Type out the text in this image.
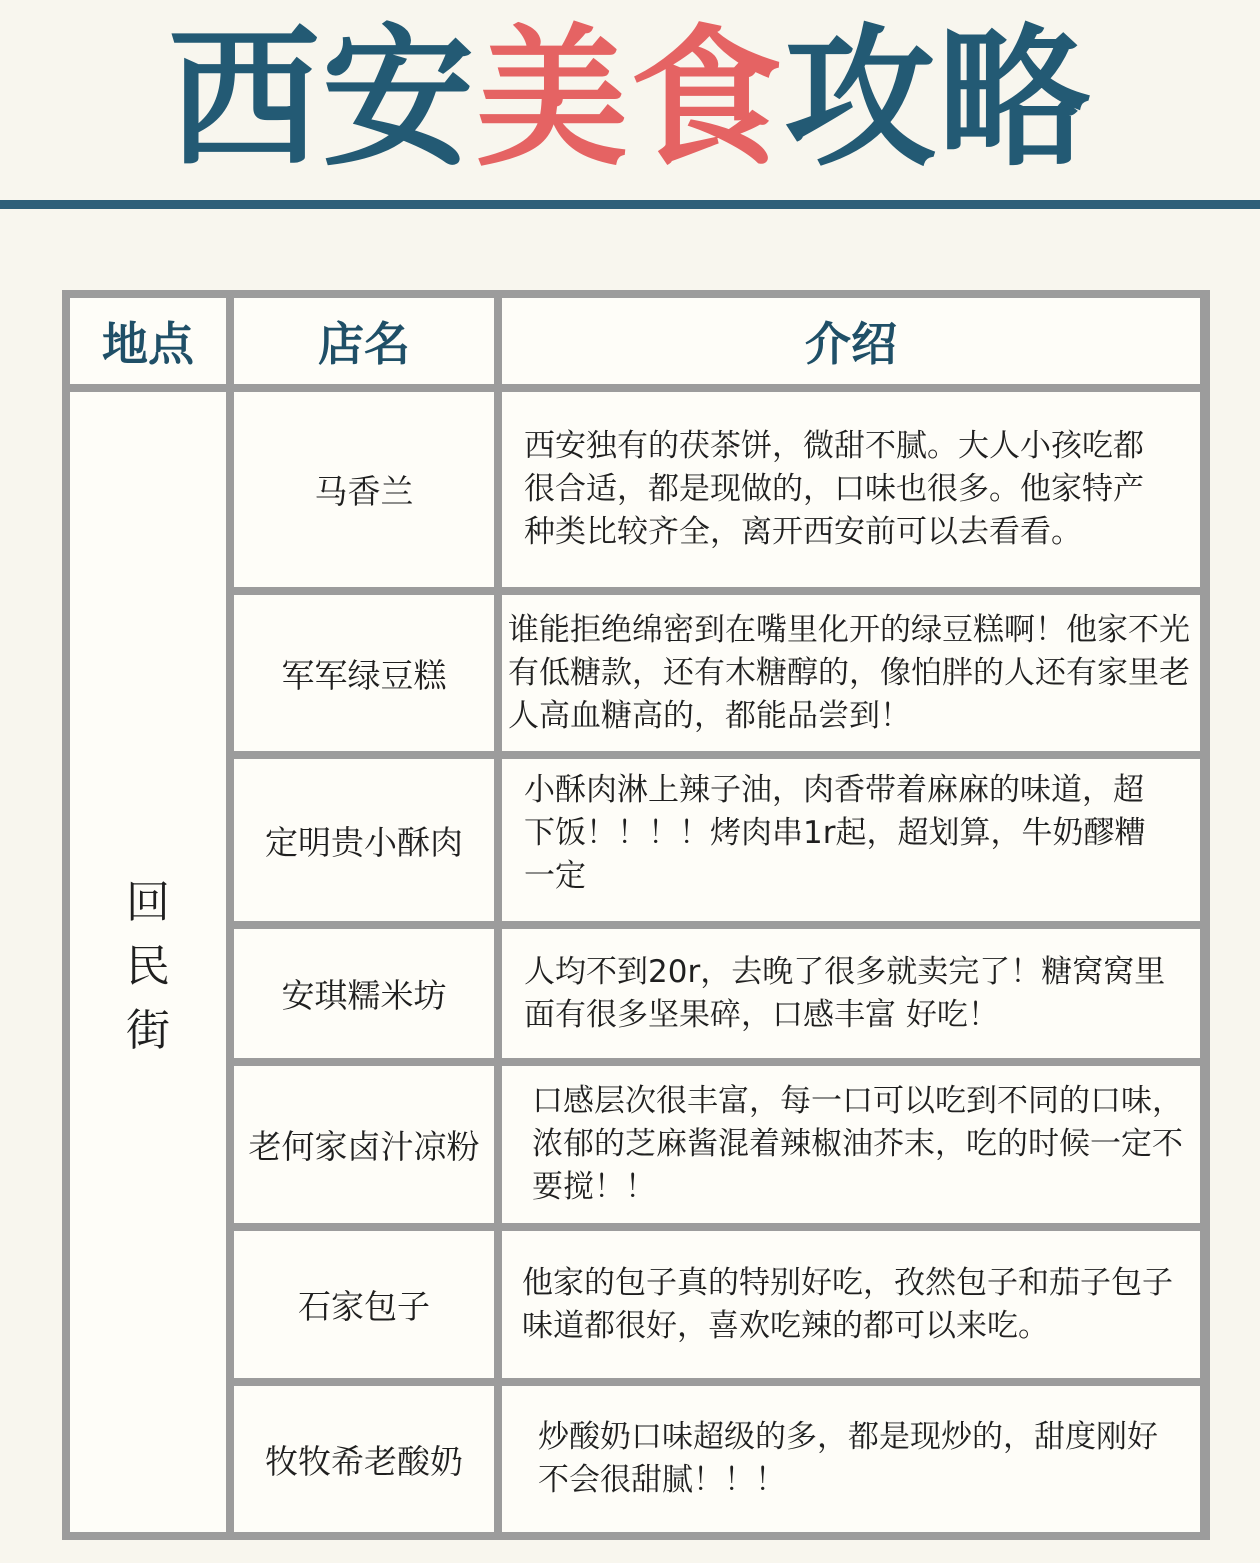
西安美食攻略
地点	店名	介绍
回民街
马香兰
西安独有的茯茶饼，微甜不腻。大人小孩吃都很合适，都是现做的，口味也很多。他家特产种类比较齐全，离开西安前可以去看看。
军军绿豆糕
谁能拒绝绵密到在嘴里化开的绿豆糕啊！他家不光有低糖款，还有木糖醇的，像怕胖的人还有家里老人高血糖高的，都能品尝到！
定明贵小酥肉
小酥肉淋上辣子油，肉香带着麻麻的味道，超下饭！！！！烤肉串1r起，超划算，牛奶醪糟一定
安琪糯米坊
人均不到20r，去晚了很多就卖完了！糖窝窝里面有很多坚果碎，口感丰富 好吃！
老何家卤汁凉粉
口感层次很丰富，每一口可以吃到不同的口味，浓郁的芝麻酱混着辣椒油芥末，吃的时候一定不要搅！！
石家包子
他家的包子真的特别好吃，孜然包子和茄子包子味道都很好，喜欢吃辣的都可以来吃。
牧牧希老酸奶
炒酸奶口味超级的多，都是现炒的，甜度刚好不会很甜腻！！！
